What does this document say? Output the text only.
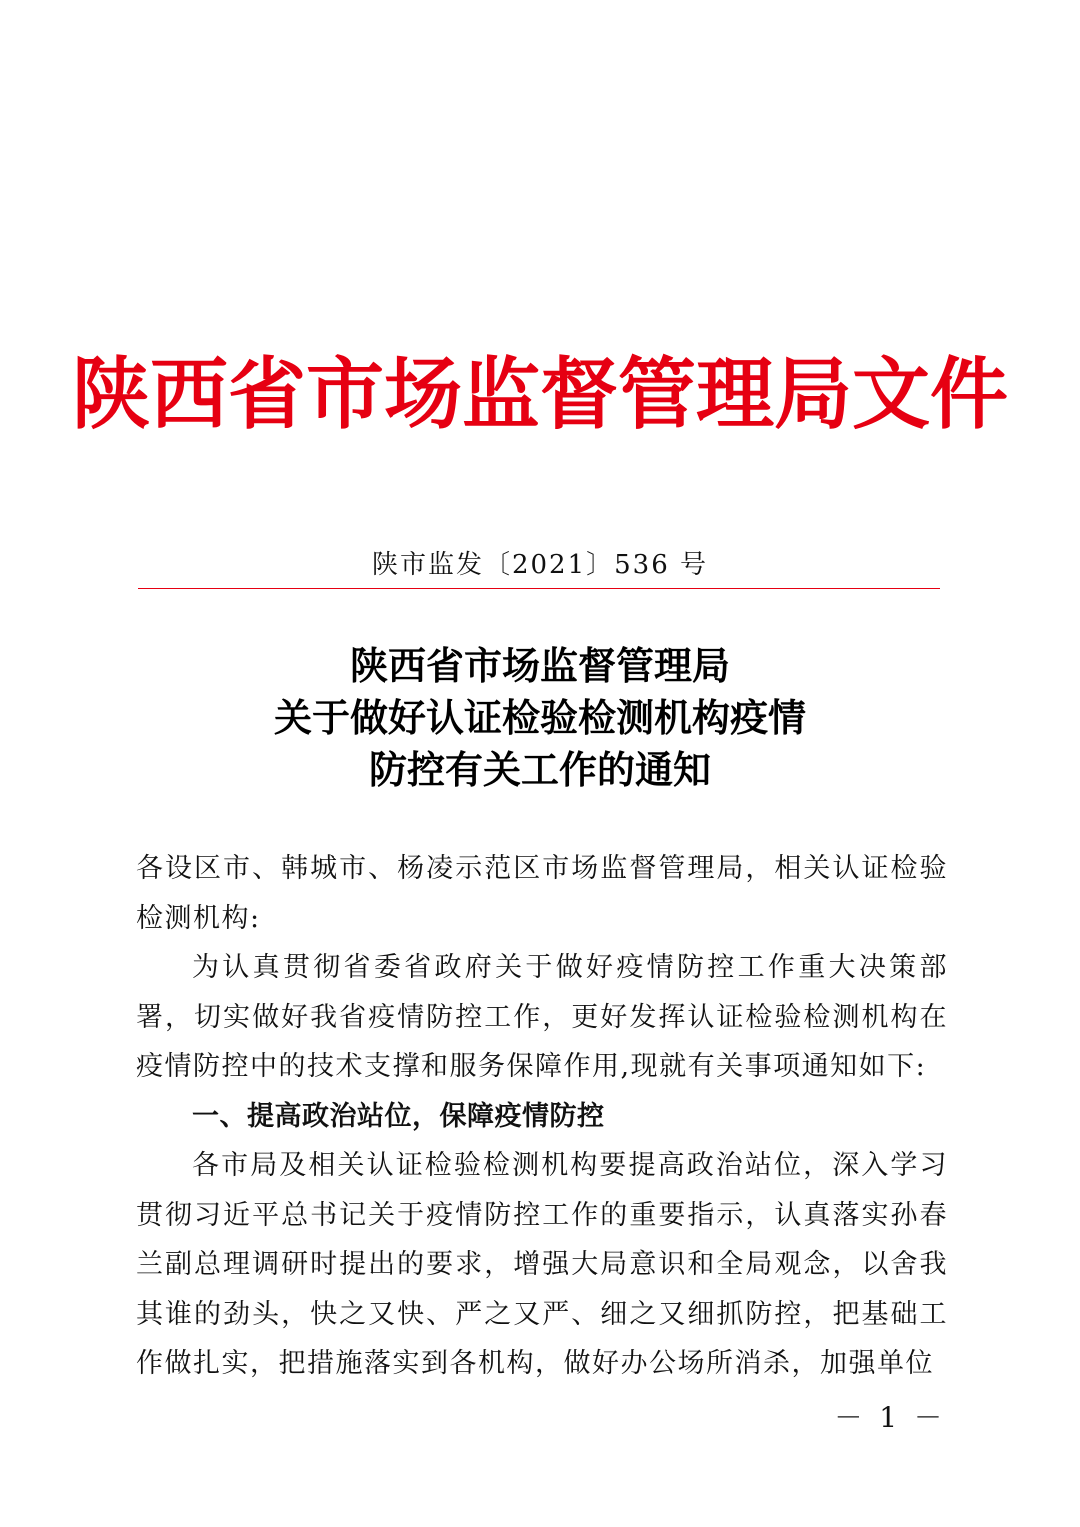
陕西省市场监督管理局文件
陕市监发〔2021〕536 号
陕西省市场监督管理局
关于做好认证检验检测机构疫情
防控有关工作的通知

各设区市、韩城市、杨凌示范区市场监督管理局，相关认证检验检测机构:

为认真贯彻省委省政府关于做好疫情防控工作重大决策部署，切实做好我省疫情防控工作，更好发挥认证检验检测机构在疫情防控中的技术支撑和服务保障作用,现就有关事项通知如下:

一、提高政治站位，保障疫情防控

各市局及相关认证检验检测机构要提高政治站位，深入学习贯彻习近平总书记关于疫情防控工作的重要指示，认真落实孙春兰副总理调研时提出的要求，增强大局意识和全局观念，以舍我其谁的劲头，快之又快、严之又严、细之又细抓防控，把基础工作做扎实，把措施落实到各机构，做好办公场所消杀，加强单位

－ 1 －
